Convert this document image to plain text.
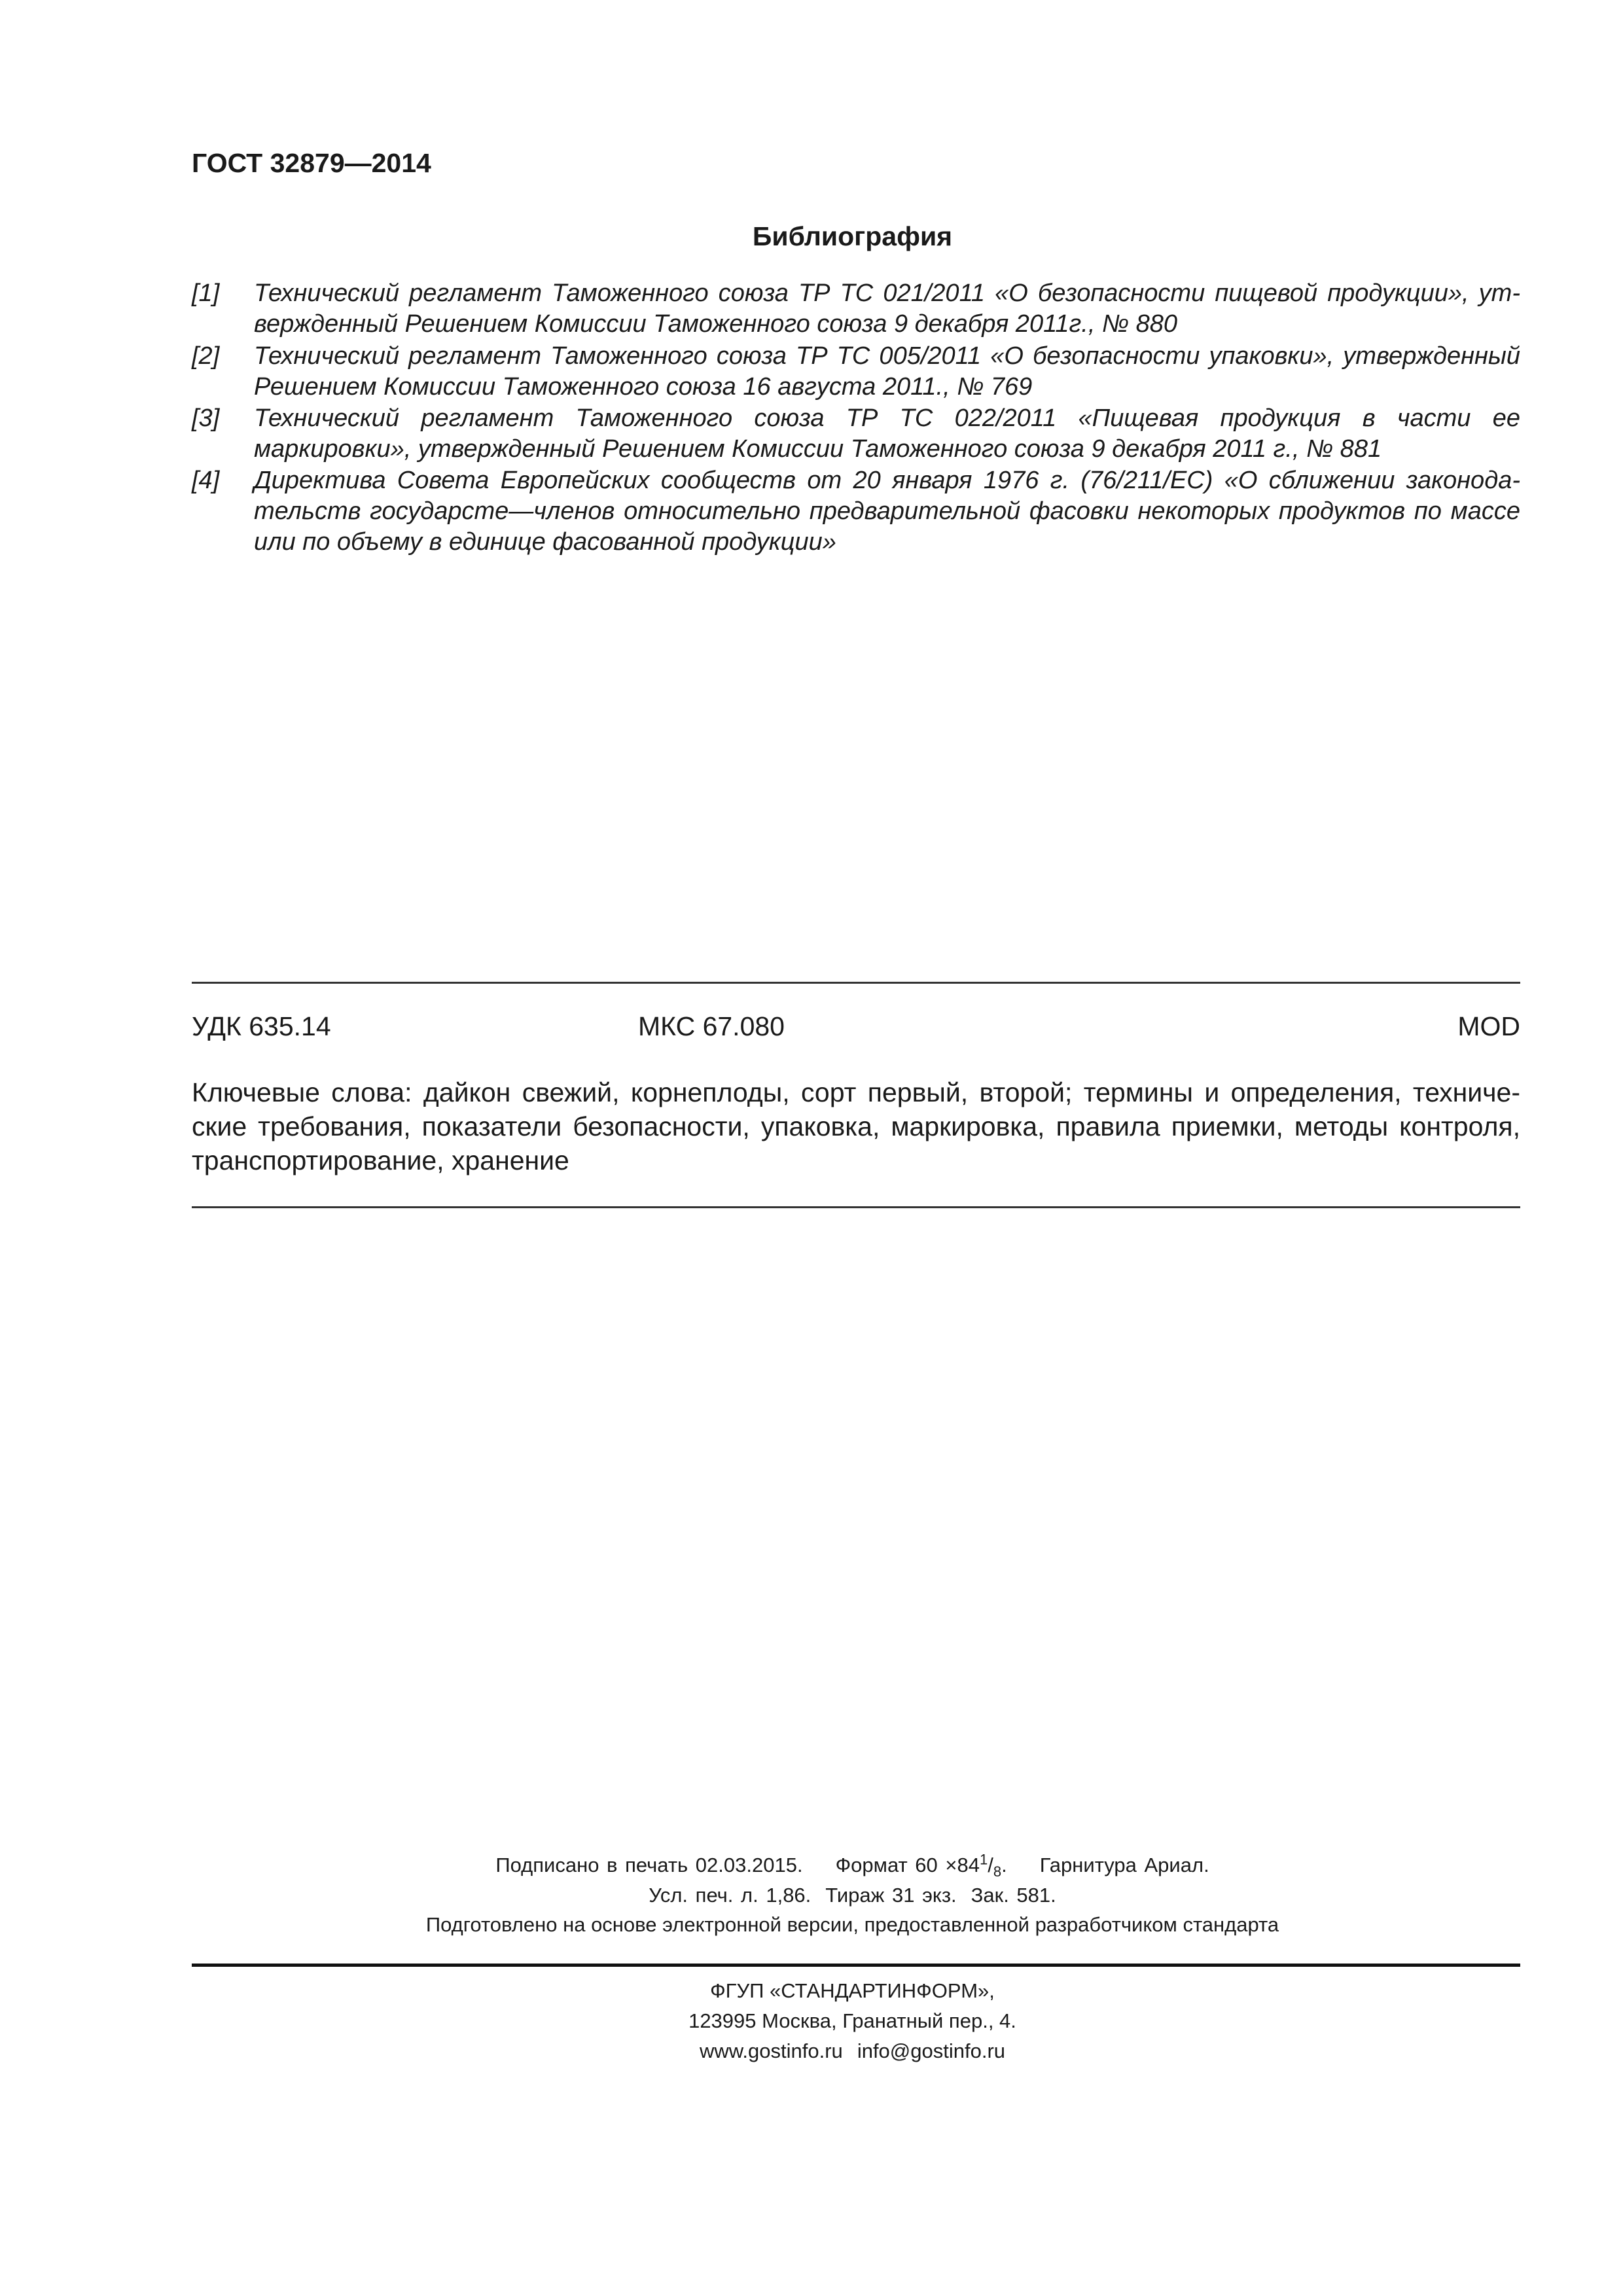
ГОСТ 32879—2014
Библиография
[1] Технический регламент Таможенного союза ТР ТС 021/2011 «О безопасности пищевой продукции», ут-вержденный Решением Комиссии Таможенного союза 9 декабря 2011г., № 880
[2] Технический регламент Таможенного союза ТР ТС 005/2011 «О безопасности упаковки», утвержденный Решением Комиссии Таможенного союза 16 августа 2011., № 769
[3] Технический регламент Таможенного союза ТР ТС 022/2011 «Пищевая продукция в части ее маркировки», утвержденный Решением Комиссии Таможенного союза 9 декабря 2011 г., № 881
[4] Директива Совета Европейских сообществ от 20 января 1976 г. (76/211/ЕС) «О сближении законода-тельств государсте—членов относительно предварительной фасовки некоторых продуктов по массе или по объему в единице фасованной продукции»
УДК 635.14	МКС 67.080	MOD
Ключевые слова: дайкон свежий, корнеплоды, сорт первый, второй; термины и определения, техниче-ские требования, показатели безопасности, упаковка, маркировка, правила приемки, методы контроля, транспортирование, хранение
Подписано в печать 02.03.2015. Формат $60 \times 84^1/_8$. Гарнитура Ариал.
Усл. печ. л. 1,86. Тираж 31 экз. Зак. 581.
Подготовлено на основе электронной версии, предоставленной разработчиком стандарта
ФГУП «СТАНДАРТИНФОРМ»,
123995 Москва, Гранатный пер., 4.
www.gostinfo.ru info@gostinfo.ru
